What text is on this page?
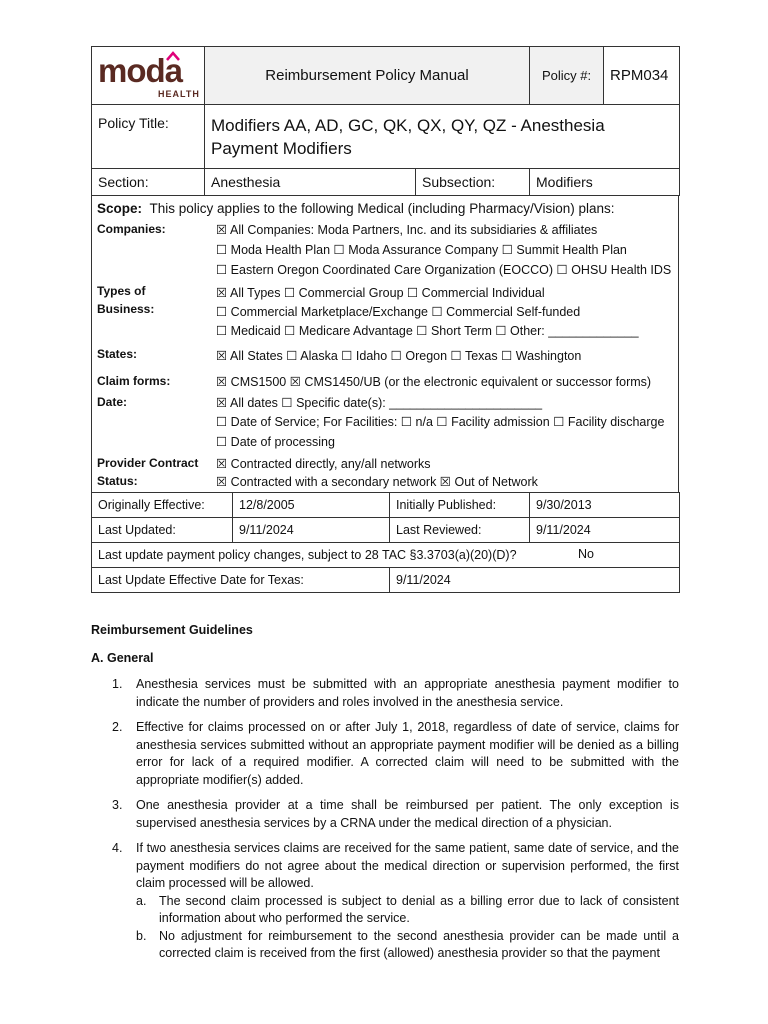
moda
HEALTH	Reimbursement Policy Manual		Policy #:	RPM034
Policy Title:	Modifiers AA, AD, GC, QK, QX, QY, QZ - Anesthesia
Payment Modifiers			

Section:	Anesthesia	Subsection:	Modifiers	
Scope: This policy applies to the following Medical (including Pharmacy/Vision) plans:
Companies:	☒ All Companies: Moda Partners, Inc. and its subsidiaries & affiliates
☐ Moda Health Plan ☐ Moda Assurance Company ☐ Summit Health Plan
☐ Eastern Oregon Coordinated Care Organization (EOCCO) ☐ OHSU Health IDS
Types of
Business:
☒ All Types ☐ Commercial Group ☐ Commercial Individual
☐ Commercial Marketplace/Exchange ☐ Commercial Self-funded
☐ Medicaid ☐ Medicare Advantage ☐ Short Term ☐ Other: _____________
States:	☒ All States ☐ Alaska ☐ Idaho ☐ Oregon ☐ Texas ☐ Washington
Claim forms:	☒ CMS1500 ☒ CMS1450/UB (or the electronic equivalent or successor forms)
Date:	☒ All dates ☐ Specific date(s): ______________________
☐ Date of Service; For Facilities: ☐ n/a ☐ Facility admission ☐ Facility discharge
☐ Date of processing
Provider Contract
Status:
☒ Contracted directly, any/all networks
☒ Contracted with a secondary network ☒ Out of Network
Originally Effective:	12/8/2005	Initially Published:	9/30/2013
Last Updated:	9/11/2024	Last Reviewed:	9/11/2024
Last update payment policy changes, subject to 28 TAC §3.3703(a)(20)(D)? No			

Last Update Effective Date for Texas:		9/11/2024	
Reimbursement Guidelines
A. General
1. Anesthesia services must be submitted with an appropriate anesthesia payment modifier to indicate the number of providers and roles involved in the anesthesia service.
2. Effective for claims processed on or after July 1, 2018, regardless of date of service, claims for anesthesia services submitted without an appropriate payment modifier will be denied as a billing error for lack of a required modifier. A corrected claim will need to be submitted with the appropriate modifier(s) added.
3. One anesthesia provider at a time shall be reimbursed per patient. The only exception is supervised anesthesia services by a CRNA under the medical direction of a physician.
4. If two anesthesia services claims are received for the same patient, same date of service, and the payment modifiers do not agree about the medical direction or supervision performed, the first claim processed will be allowed.
a. The second claim processed is subject to denial as a billing error due to lack of consistent information about who performed the service.
b. No adjustment for reimbursement to the second anesthesia provider can be made until a corrected claim is received from the first (allowed) anesthesia provider so that the payment
